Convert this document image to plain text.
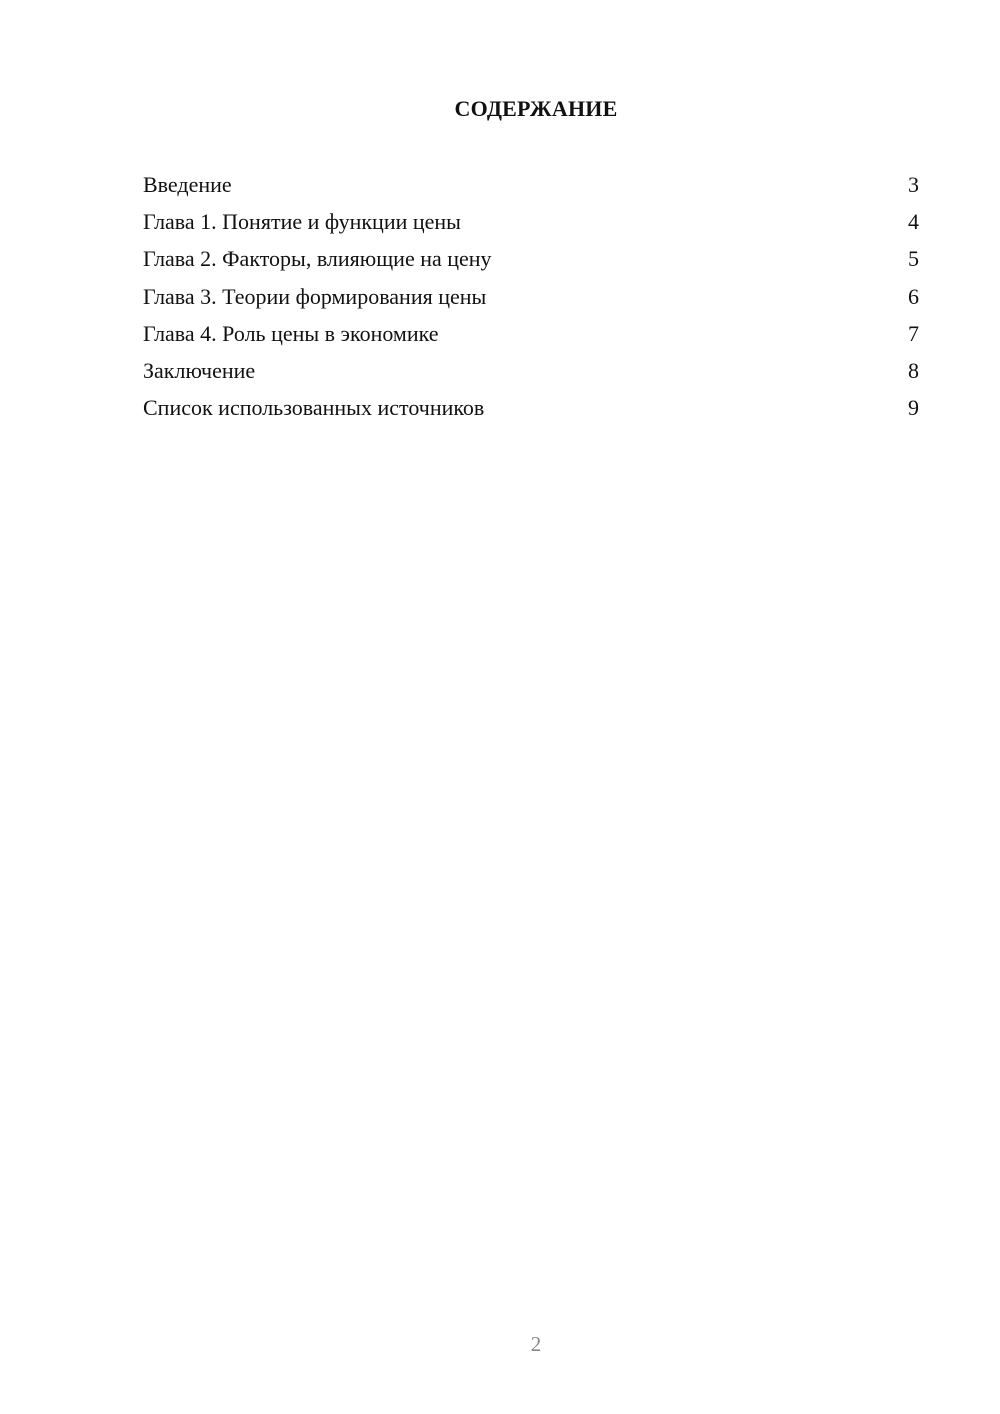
СОДЕРЖАНИЕ
Введение	3
Глава 1. Понятие и функции цены	4
Глава 2. Факторы, влияющие на цену	5
Глава 3. Теории формирования цены	6
Глава 4. Роль цены в экономике	7
Заключение	8
Список использованных источников	9
2
